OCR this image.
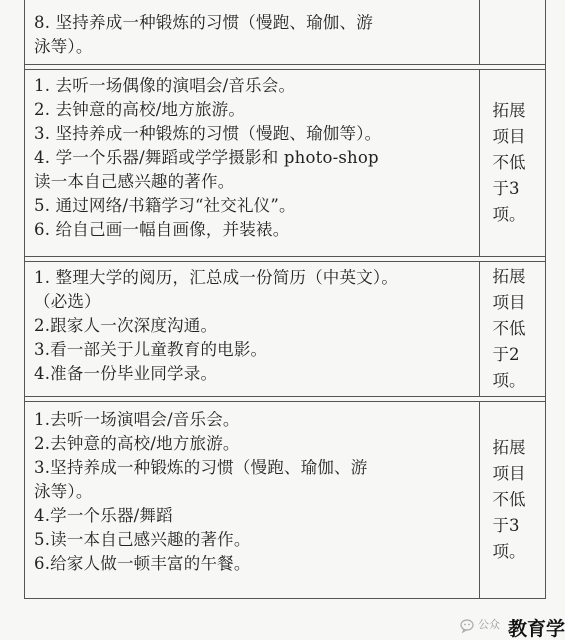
8. 坚持养成一种锻炼的习惯（慢跑、瑜伽、游
泳等）。
1. 去听一场偶像的演唱会/音乐会。
2. 去钟意的高校/地方旅游。
3. 坚持养成一种锻炼的习惯（慢跑、瑜伽等）。
4. 学一个乐器/舞蹈或学学摄影和 photo-shop
读一本自己感兴趣的著作。
5. 通过网络/书籍学习“社交礼仪”。
6. 给自己画一幅自画像，并装裱。
拓展项目不低于3项。
1. 整理大学的阅历，汇总成一份简历（中英文）。
（必选）
2.跟家人一次深度沟通。
3.看一部关于儿童教育的电影。
4.准备一份毕业同学录。
拓展项目不低于2项。
1.去听一场演唱会/音乐会。
2.去钟意的高校/地方旅游。
3.坚持养成一种锻炼的习惯（慢跑、瑜伽、游
泳等）。
4.学一个乐器/舞蹈
5.读一本自己感兴趣的著作。
6.给家人做一顿丰富的午餐。
拓展项目不低于3项。
公众 教育学
